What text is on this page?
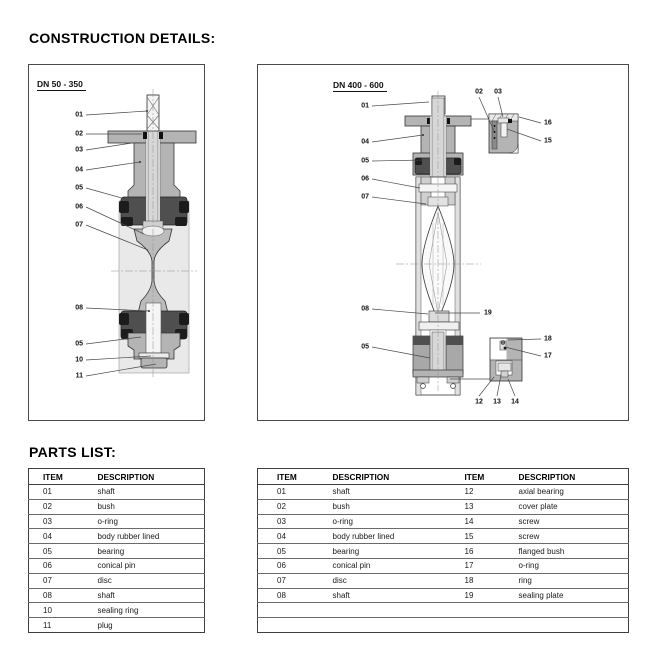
CONSTRUCTION DETAILS:
01
02
03
04
05
06
07
08
05
10
11
DN 50 - 350
01
04
05
06
07
08
19
05
02 03
16
15
18
17
12 13 14
DN 400 - 600
PARTS LIST:
ITEM	DESCRIPTION
01	shaft
02	bush
03	o-ring
04	body rubber lined
05	bearing
06	conical pin
07	disc
08	shaft
10	sealing ring
11	plug
ITEM	DESCRIPTION	ITEM	DESCRIPTION
01	shaft	12	axial bearing
02	bush	13	cover plate
03	o-ring	14	screw
04	body rubber lined	15	screw
05	bearing	16	flanged bush
06	conical pin	17	o-ring
07	disc	18	ring
08	shaft	19	sealing plate
